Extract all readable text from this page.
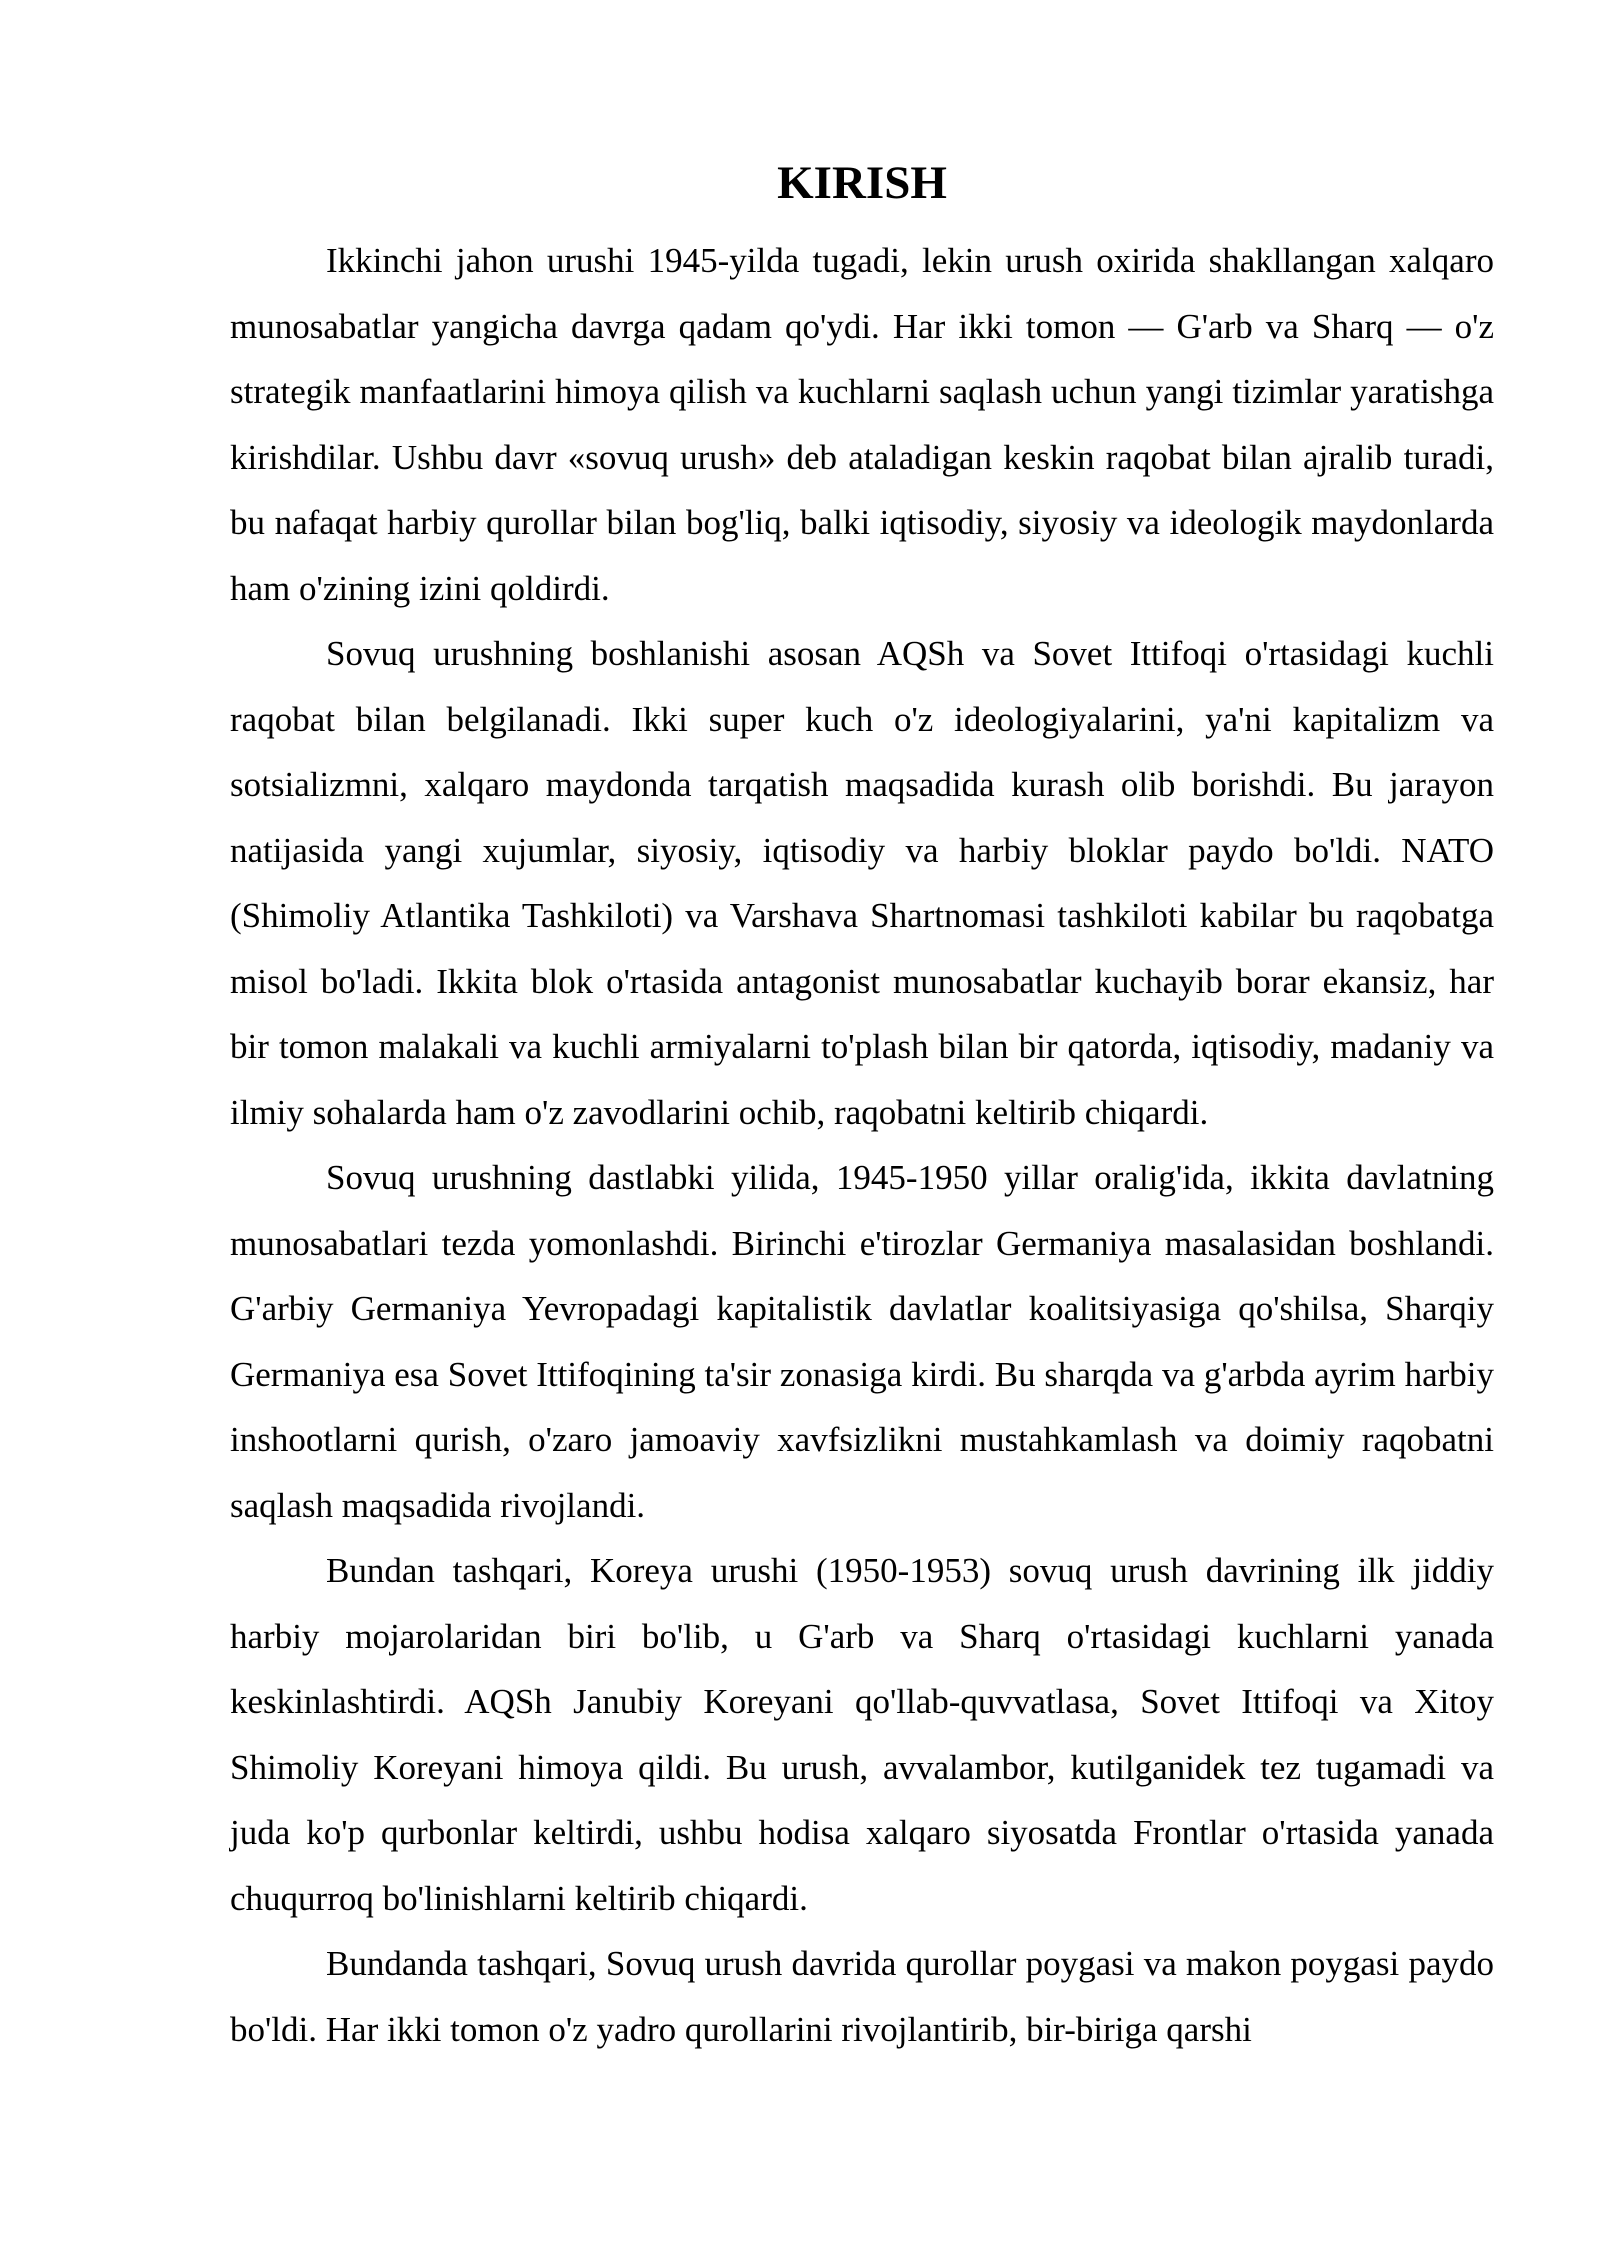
KIRISH

Ikkinchi jahon urushi 1945-yilda tugadi, lekin urush oxirida shakllangan xalqaro munosabatlar yangicha davrga qadam qo'ydi. Har ikki tomon — G'arb va Sharq — o'z strategik manfaatlarini himoya qilish va kuchlarni saqlash uchun yangi tizimlar yaratishga kirishdilar. Ushbu davr «sovuq urush» deb ataladigan keskin raqobat bilan ajralib turadi, bu nafaqat harbiy qurollar bilan bog'liq, balki iqtisodiy, siyosiy va ideologik maydonlarda ham o'zining izini qoldirdi.

Sovuq urushning boshlanishi asosan AQSh va Sovet Ittifoqi o'rtasidagi kuchli raqobat bilan belgilanadi. Ikki super kuch o'z ideologiyalarini, ya'ni kapitalizm va sotsializmni, xalqaro maydonda tarqatish maqsadida kurash olib borishdi. Bu jarayon natijasida yangi xujumlar, siyosiy, iqtisodiy va harbiy bloklar paydo bo'ldi. NATO (Shimoliy Atlantika Tashkiloti) va Varshava Shartnomasi tashkiloti kabilar bu raqobatga misol bo'ladi. Ikkita blok o'rtasida antagonist munosabatlar kuchayib borar ekansiz, har bir tomon malakali va kuchli armiyalarni to'plash bilan bir qatorda, iqtisodiy, madaniy va ilmiy sohalarda ham o'z zavodlarini ochib, raqobatni keltirib chiqardi.

Sovuq urushning dastlabki yilida, 1945-1950 yillar oralig'ida, ikkita davlatning munosabatlari tezda yomonlashdi. Birinchi e'tirozlar Germaniya masalasidan boshlandi. G'arbiy Germaniya Yevropadagi kapitalistik davlatlar koalitsiyasiga qo'shilsa, Sharqiy Germaniya esa Sovet Ittifoqining ta'sir zonasiga kirdi. Bu sharqda va g'arbda ayrim harbiy inshootlarni qurish, o'zaro jamoaviy xavfsizlikni mustahkamlash va doimiy raqobatni saqlash maqsadida rivojlandi.

Bundan tashqari, Koreya urushi (1950-1953) sovuq urush davrining ilk jiddiy harbiy mojarolaridan biri bo'lib, u G'arb va Sharq o'rtasidagi kuchlarni yanada keskinlashtirdi. AQSh Janubiy Koreyani qo'llab-quvvatlasa, Sovet Ittifoqi va Xitoy Shimoliy Koreyani himoya qildi. Bu urush, avvalambor, kutilganidek tez tugamadi va juda ko'p qurbonlar keltirdi, ushbu hodisa xalqaro siyosatda Frontlar o'rtasida yanada chuqurroq bo'linishlarni keltirib chiqardi.

Bundanda tashqari, Sovuq urush davrida qurollar poygasi va makon poygasi paydo bo'ldi. Har ikki tomon o'z yadro qurollarini rivojlantirib, bir-biriga qarshi
